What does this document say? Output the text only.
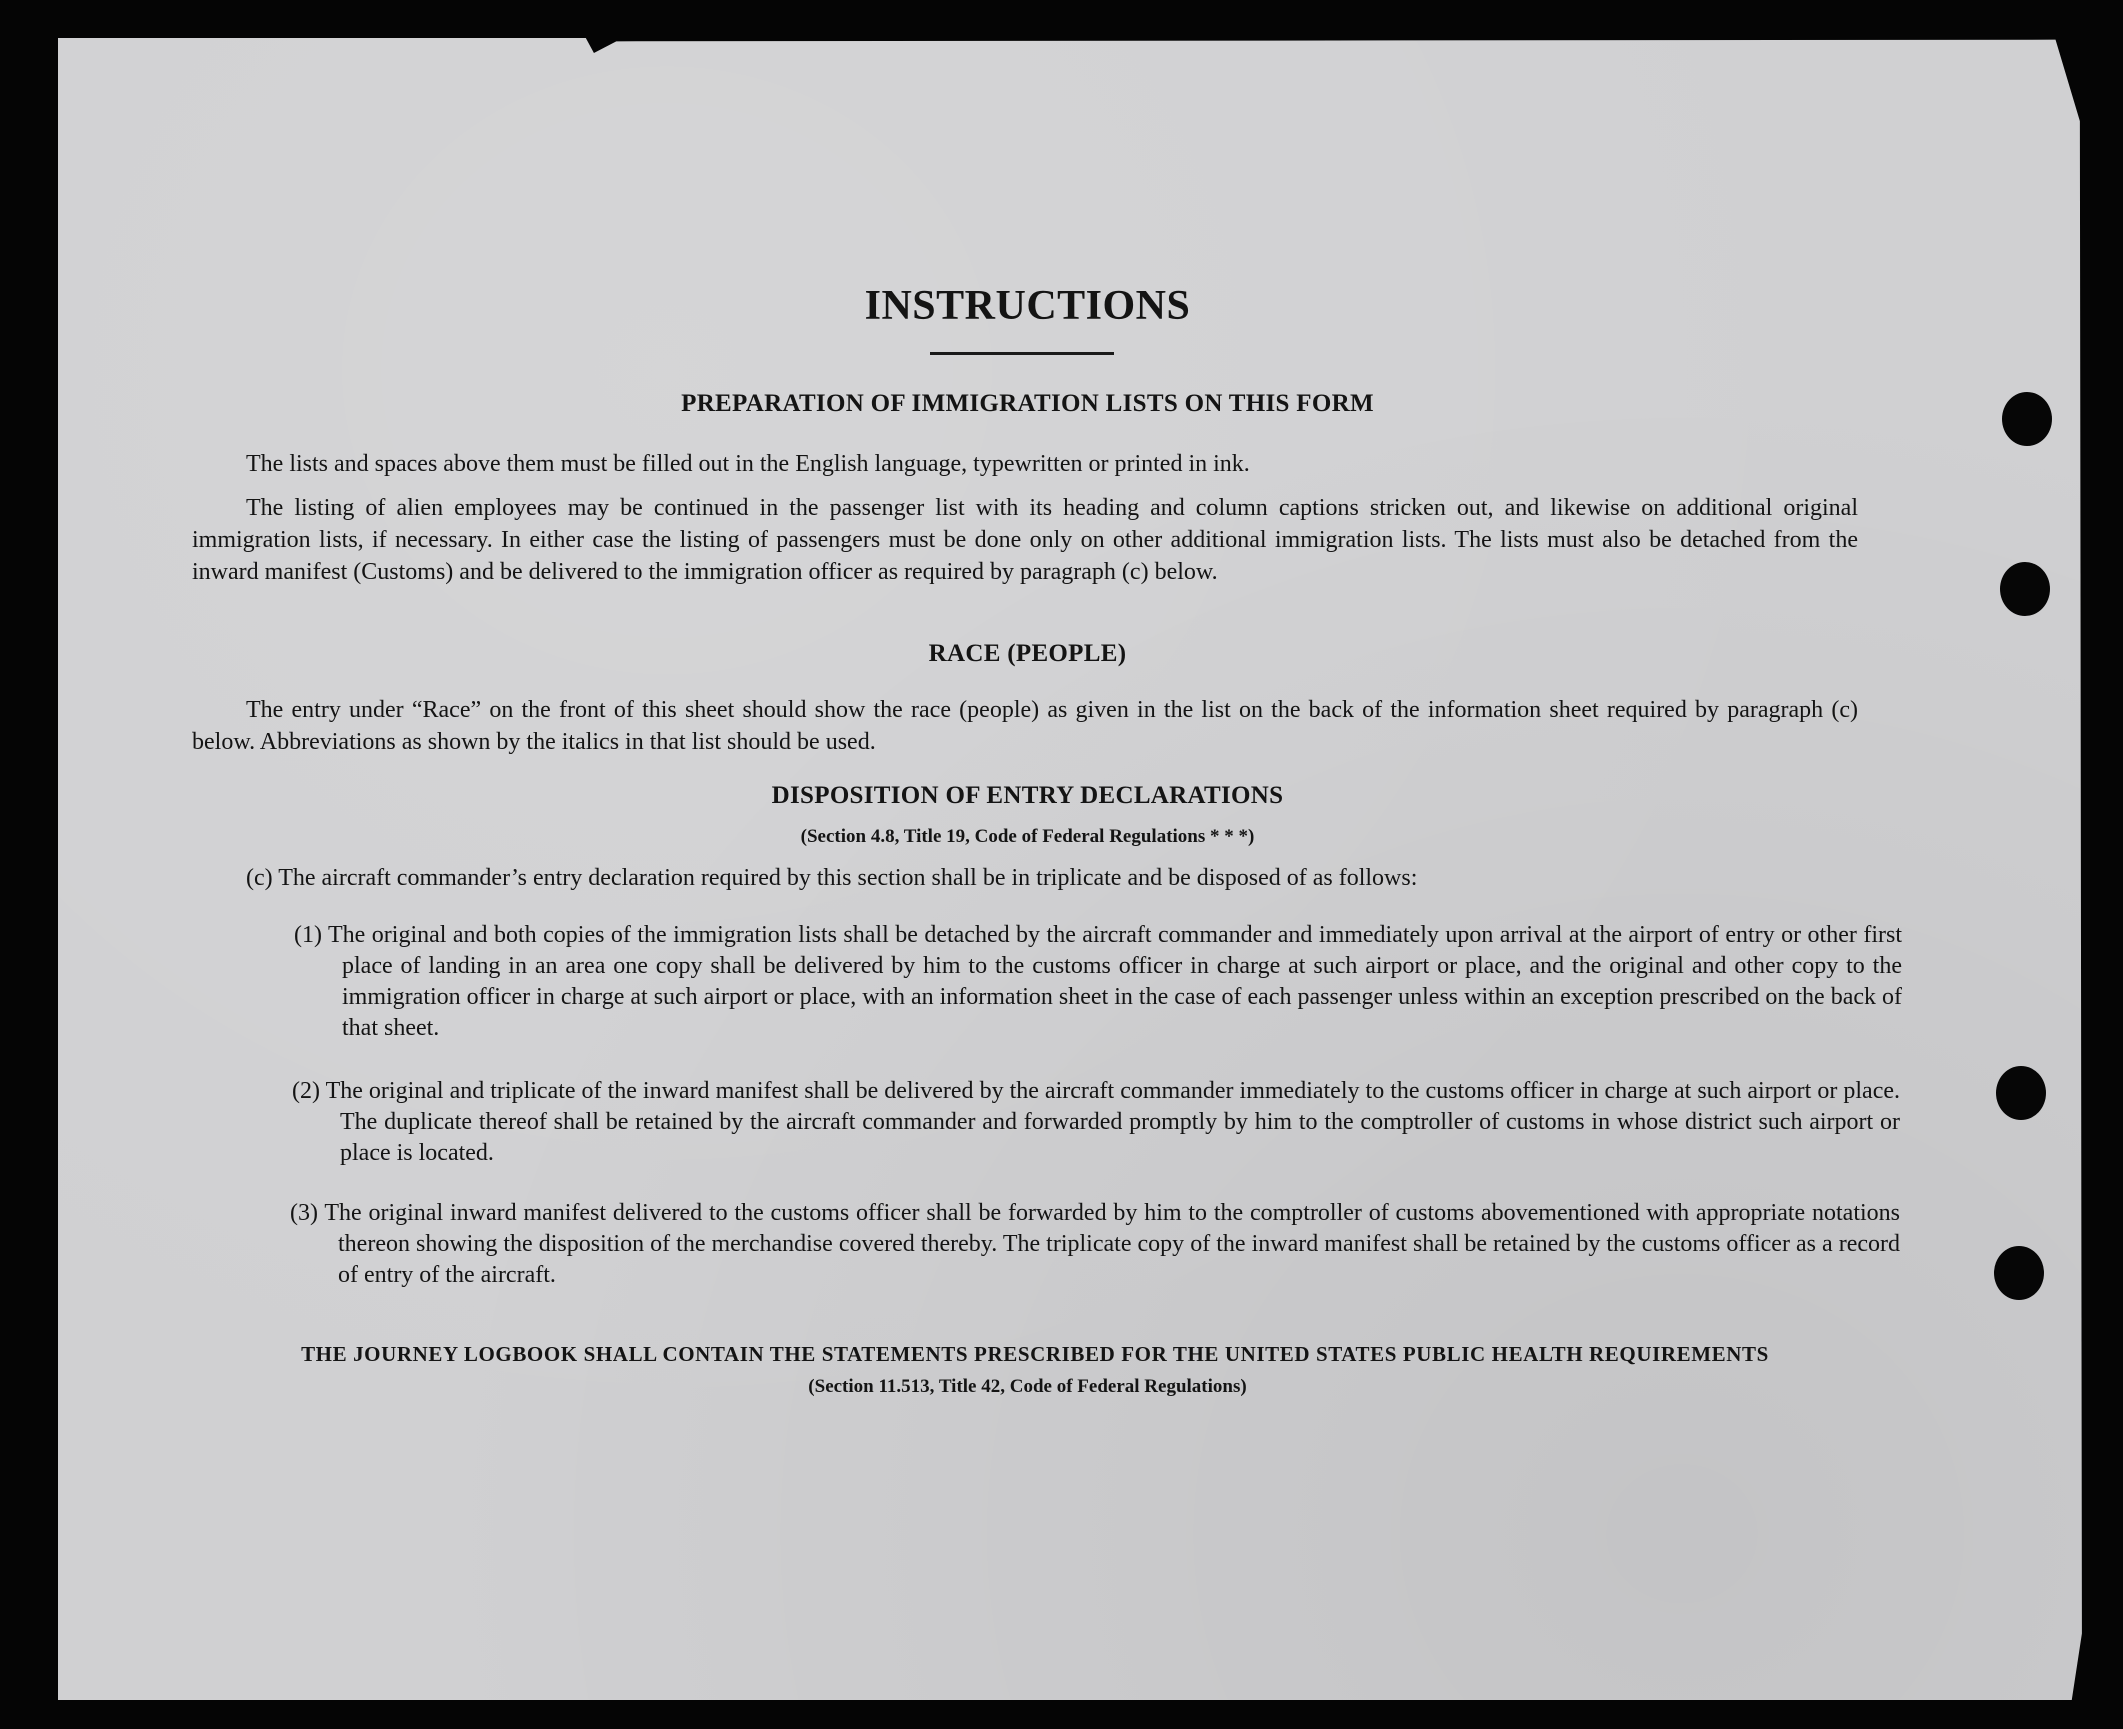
INSTRUCTIONS
PREPARATION OF IMMIGRATION LISTS ON THIS FORM

The lists and spaces above them must be filled out in the English language, typewritten or printed in ink.

The listing of alien employees may be continued in the passenger list with its heading and column captions stricken out, and likewise on additional original immigration lists, if necessary. In either case the listing of passengers must be done only on other additional immigration lists. The lists must also be detached from the inward manifest (Customs) and be delivered to the immigration officer as required by paragraph (c) below.

RACE (PEOPLE)

The entry under “Race” on the front of this sheet should show the race (people) as given in the list on the back of the information sheet required by paragraph (c) below. Abbreviations as shown by the italics in that list should be used.

DISPOSITION OF ENTRY DECLARATIONS

(Section 4.8, Title 19, Code of Federal Regulations * * *)

(c) The aircraft commander’s entry declaration required by this section shall be in triplicate and be disposed of as follows:

(1) The original and both copies of the immigration lists shall be detached by the aircraft commander and immediately upon arrival at the airport of entry or other first place of landing in an area one copy shall be delivered by him to the customs officer in charge at such airport or place, and the original and other copy to the immigration officer in charge at such airport or place, with an information sheet in the case of each passenger unless within an exception prescribed on the back of that sheet.

(2) The original and triplicate of the inward manifest shall be delivered by the aircraft commander immediately to the customs officer in charge at such airport or place. The duplicate thereof shall be retained by the aircraft commander and forwarded promptly by him to the comptroller of customs in whose district such airport or place is located.

(3) The original inward manifest delivered to the customs officer shall be forwarded by him to the comptroller of customs abovementioned with appropriate notations thereon showing the disposition of the merchandise covered thereby. The triplicate copy of the inward manifest shall be retained by the customs officer as a record of entry of the aircraft.

THE JOURNEY LOGBOOK SHALL CONTAIN THE STATEMENTS PRESCRIBED FOR THE UNITED STATES PUBLIC HEALTH REQUIREMENTS

(Section 11.513, Title 42, Code of Federal Regulations)
